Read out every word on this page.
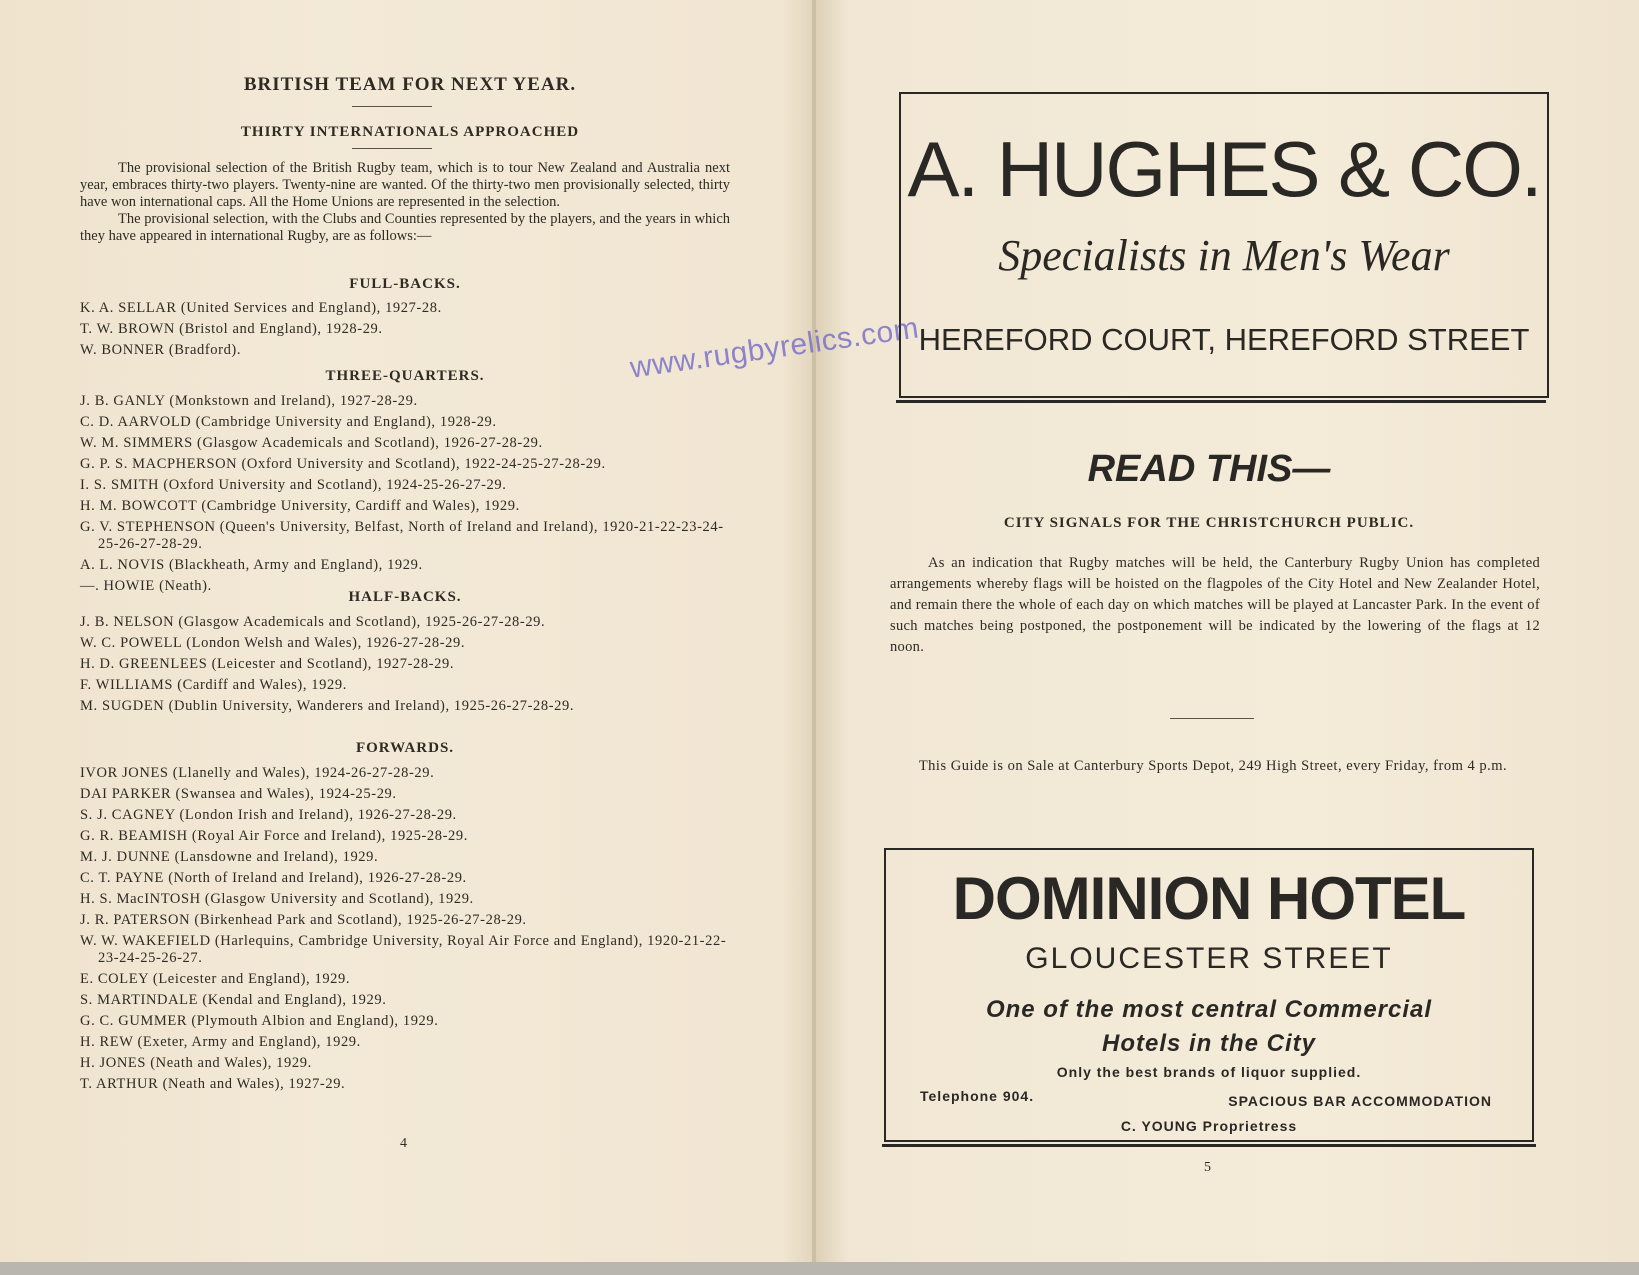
BRITISH TEAM FOR NEXT YEAR.
THIRTY INTERNATIONALS APPROACHED

The provisional selection of the British Rugby team, which is to tour New Zealand and Australia next year, embraces thirty-two players. Twenty-nine are wanted. Of the thirty-two men provisionally selected, thirty have won international caps. All the Home Unions are represented in the selection.

The provisional selection, with the Clubs and Counties represented by the players, and the years in which they have appeared in international Rugby, are as follows:—

FULL-BACKS.
K. A. SELLAR (United Services and England), 1927-28.
T. W. BROWN (Bristol and England), 1928-29.
W. BONNER (Bradford).
THREE-QUARTERS.
J. B. GANLY (Monkstown and Ireland), 1927-28-29.
C. D. AARVOLD (Cambridge University and England), 1928-29.
W. M. SIMMERS (Glasgow Academicals and Scotland), 1926-27-28-29.
G. P. S. MACPHERSON (Oxford University and Scotland), 1922-24-25-27-28-29.
I. S. SMITH (Oxford University and Scotland), 1924-25-26-27-29.
H. M. BOWCOTT (Cambridge University, Cardiff and Wales), 1929.
G. V. STEPHENSON (Queen's University, Belfast, North of Ireland and Ireland), 1920-21-22-23-24-25-26-27-28-29.
A. L. NOVIS (Blackheath, Army and England), 1929.
—. HOWIE (Neath).
HALF-BACKS.
J. B. NELSON (Glasgow Academicals and Scotland), 1925-26-27-28-29.
W. C. POWELL (London Welsh and Wales), 1926-27-28-29.
H. D. GREENLEES (Leicester and Scotland), 1927-28-29.
F. WILLIAMS (Cardiff and Wales), 1929.
M. SUGDEN (Dublin University, Wanderers and Ireland), 1925-26-27-28-29.
FORWARDS.
IVOR JONES (Llanelly and Wales), 1924-26-27-28-29.
DAI PARKER (Swansea and Wales), 1924-25-29.
S. J. CAGNEY (London Irish and Ireland), 1926-27-28-29.
G. R. BEAMISH (Royal Air Force and Ireland), 1925-28-29.
M. J. DUNNE (Lansdowne and Ireland), 1929.
C. T. PAYNE (North of Ireland and Ireland), 1926-27-28-29.
H. S. MacINTOSH (Glasgow University and Scotland), 1929.
J. R. PATERSON (Birkenhead Park and Scotland), 1925-26-27-28-29.
W. W. WAKEFIELD (Harlequins, Cambridge University, Royal Air Force and England), 1920-21-22-23-24-25-26-27.
E. COLEY (Leicester and England), 1929.
S. MARTINDALE (Kendal and England), 1929.
G. C. GUMMER (Plymouth Albion and England), 1929.
H. REW (Exeter, Army and England), 1929.
H. JONES (Neath and Wales), 1929.
T. ARTHUR (Neath and Wales), 1927-29.
4
www.rugbyrelics.com
A. HUGHES & CO.
Specialists in Men's Wear
HEREFORD COURT, HEREFORD STREET
READ THIS—
CITY SIGNALS FOR THE CHRISTCHURCH PUBLIC.

As an indication that Rugby matches will be held, the Canterbury Rugby Union has completed arrangements whereby flags will be hoisted on the flagpoles of the City Hotel and New Zealander Hotel, and remain there the whole of each day on which matches will be played at Lancaster Park. In the event of such matches being postponed, the postponement will be indicated by the lowering of the flags at 12 noon.

This Guide is on Sale at Canterbury Sports Depot, 249 High Street, every Friday, from 4 p.m.
DOMINION HOTEL
GLOUCESTER STREET
One of the most central Commercial
Hotels in the City
Only the best brands of liquor supplied.
Telephone 904.	SPACIOUS BAR ACCOMMODATION
C. YOUNG Proprietress
5
